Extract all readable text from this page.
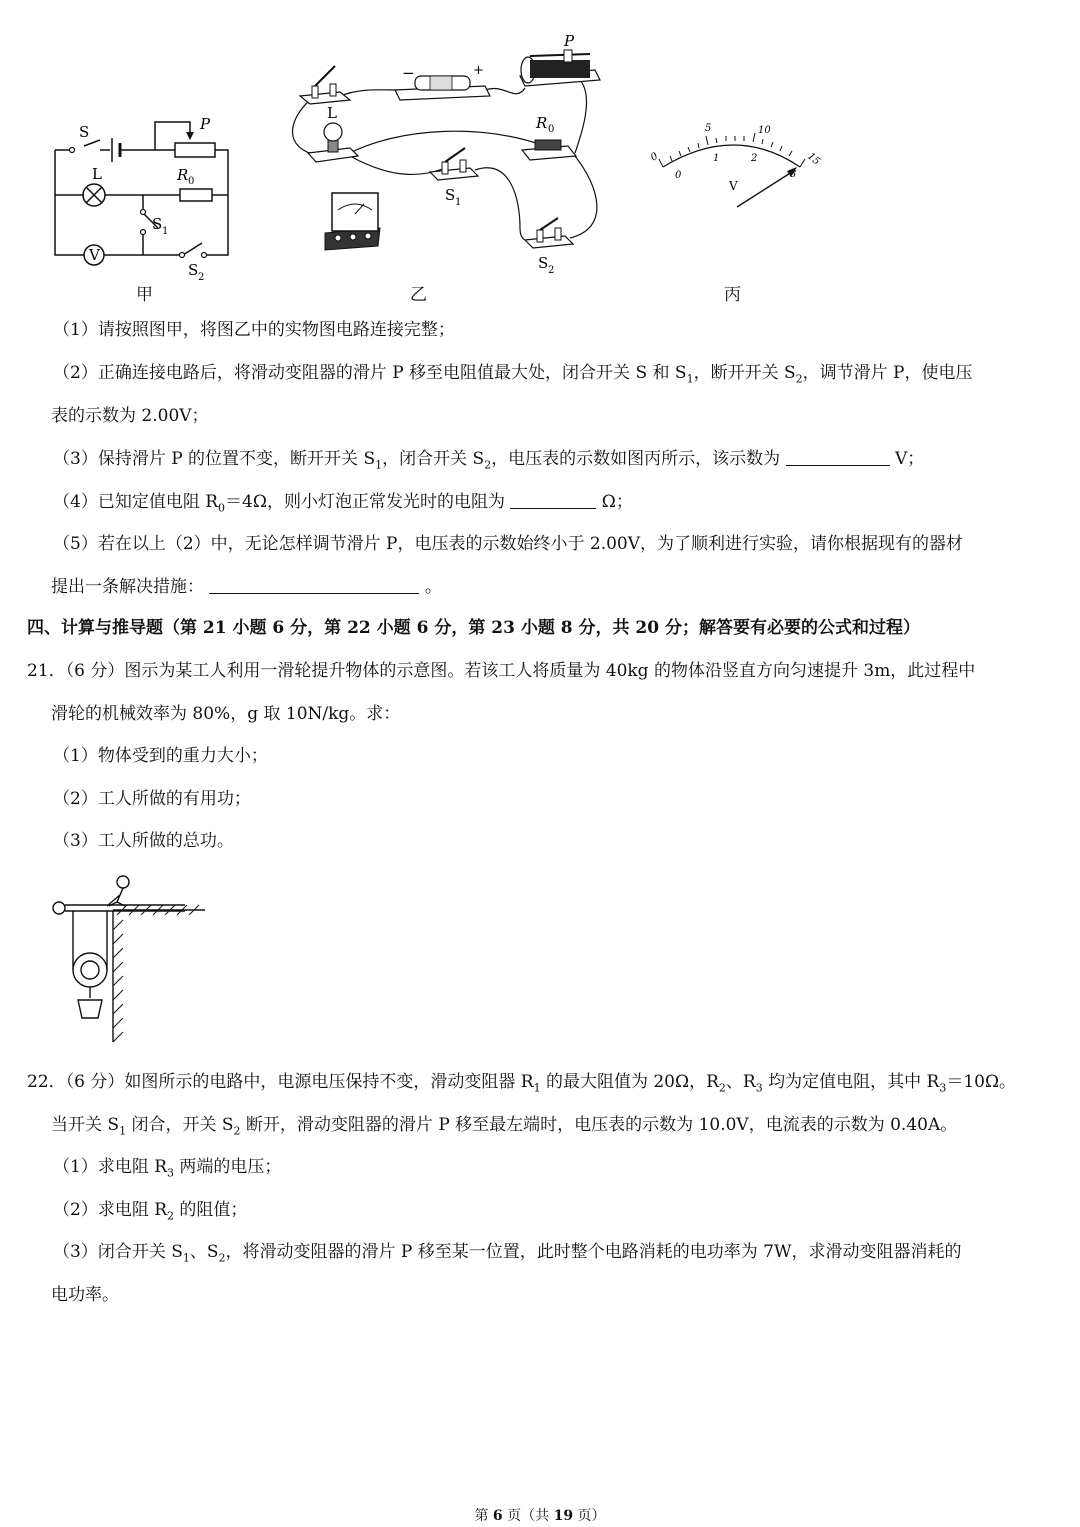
S	P
L	R 0
S 1
S 2
V
甲
−	+
P
L
R 0
S 1
S 2
乙
0
5	10
15
0
1	2
3
V
丙
（1）请按照图甲，将图乙中的实物图电路连接完整；
（2）正确连接电路后，将滑动变阻器的滑片 P 移至电阻值最大处，闭合开关 S 和 $S_1$，断开开关 $S_2$，调节滑片 P，使电压
表的示数为 2.00V；
（3）保持滑片 P 的位置不变，断开开关 $S_1$，闭合开关 $S_2$，电压表的示数如图丙所示，该示数为	V；
（4）已知定值电阻 $R_0=4\Omega$，则小灯泡正常发光时的电阻为	Ω；
（5）若在以上（2）中，无论怎样调节滑片 P，电压表的示数始终小于 2.00V，为了顺利进行实验，请你根据现有的器材
提出一条解决措施：	。
四、计算与推导题（第 21 小题 6 分，第 22 小题 6 分，第 23 小题 8 分，共 20 分；解答要有必要的公式和过程）
21．（6 分）图示为某工人利用一滑轮提升物体的示意图。若该工人将质量为 40kg 的物体沿竖直方向匀速提升 3m，此过程中
滑轮的机械效率为 80%，g 取 10N/kg。求：
（1）物体受到的重力大小；
（2）工人所做的有用功；
（3）工人所做的总功。
22．（6 分）如图所示的电路中，电源电压保持不变，滑动变阻器 $R_1$ 的最大阻值为 20Ω，$R_2$、$R_3$ 均为定值电阻，其中 $R_3=10\Omega$。
当开关 $S_1$ 闭合，开关 $S_2$ 断开，滑动变阻器的滑片 P 移至最左端时，电压表的示数为 10.0V，电流表的示数为 0.40A。
（1）求电阻 $R_3$ 两端的电压；
（2）求电阻 $R_2$ 的阻值；
（3）闭合开关 $S_1$、$S_2$，将滑动变阻器的滑片 P 移至某一位置，此时整个电路消耗的电功率为 7W，求滑动变阻器消耗的
电功率。
第 6 页（共 19 页）
